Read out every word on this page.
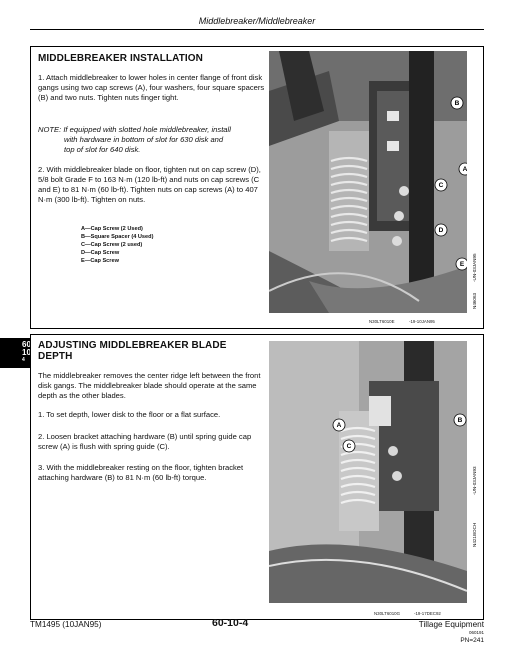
Middlebreaker/Middlebreaker
60
10
4
MIDDLEBREAKER INSTALLATION
1. Attach middlebreaker to lower holes in center flange of front disk gangs using two cap screws (A), four washers, four square spacers (B) and two nuts. Tighten nuts finger tight.
NOTE: If equipped with slotted hole middlebreaker, install
with hardware in bottom of slot for 630 disk and
top of slot for 640 disk.
2. With middlebreaker blade on floor, tighten nut on cap screw (D), 5/8 bolt Grade F to 163 N·m (120 lb-ft) and nuts on cap screws (C and E) to 81 N·m (60 lb-ft). Tighten nuts on cap screws (A) to 407 N·m (300 lb-ft). Tighten on nuts.
A—Cap Screw (2 Used)
B—Square Spacer (4 Used)
C—Cap Screw (2 used)
D—Cap Screw
E—Cap Screw
B
A
C
D
E
N46063
-UN-03JAN95
N30LT6010E	-19-10JAN95
ADJUSTING MIDDLEBREAKER BLADE
DEPTH
The middlebreaker removes the center ridge left between the front disk gangs. The middlebreaker blade should operate at the same depth as the other blades.
1. To set depth, lower disk to the floor or a flat surface.
2. Loosen bracket attaching hardware (B) until spring guide cap screw (A) is flush with spring guide (C).
3. With the middlebreaker resting on the floor, tighten bracket attaching hardware (B) to 81 N·m (60 lb-ft) torque.
A
B
C
N421BOCH
-UN-03JAN93
N30LT6010G	-19-17DEC92
TM1495 (10JAN95)	60-10-4	Tillage Equipment
060191
PN=241
